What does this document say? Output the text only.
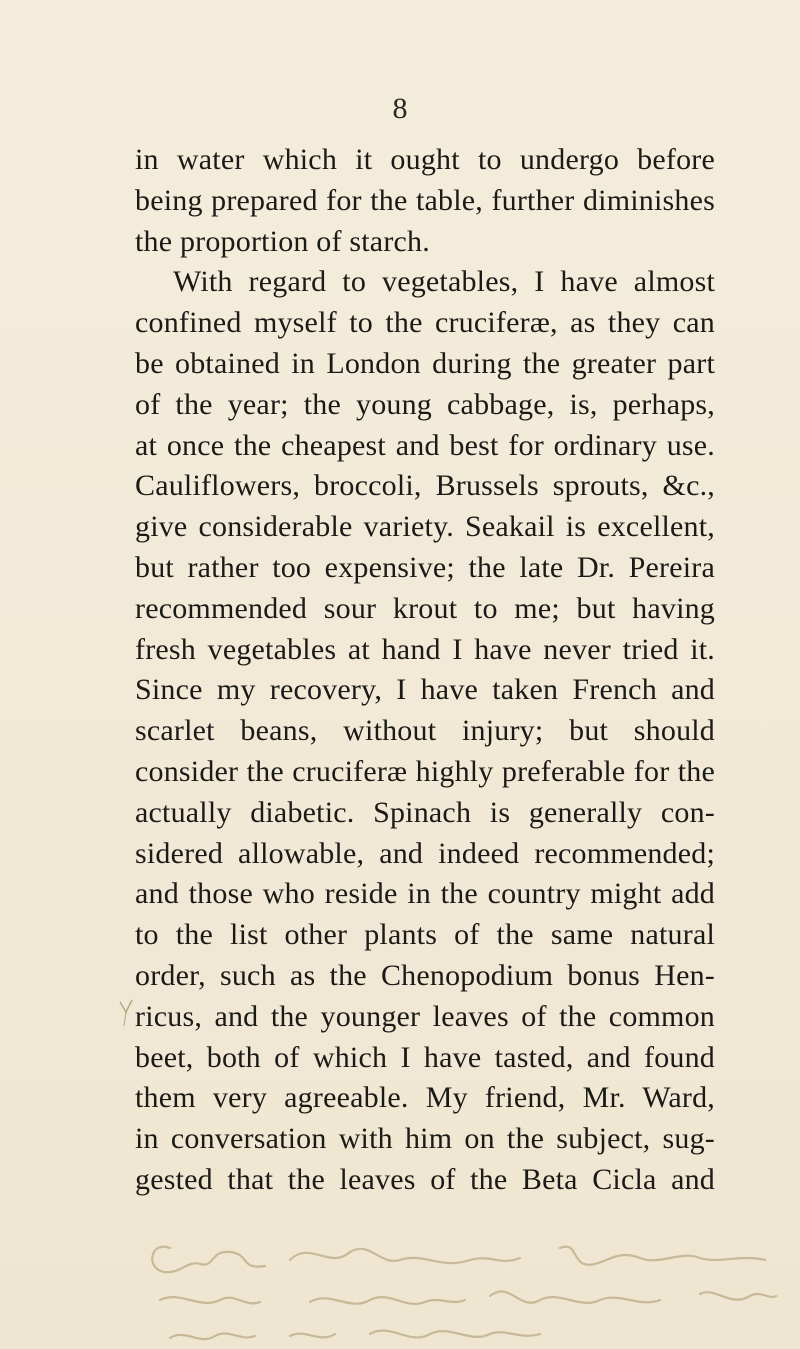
8
in water which it ought to undergo before
being prepared for the table, further diminishes
the proportion of starch.
With regard to vegetables, I have almost
confined myself to the cruciferæ, as they can
be obtained in London during the greater part
of the year; the young cabbage, is, perhaps,
at once the cheapest and best for ordinary use.
Cauliflowers, broccoli, Brussels sprouts, &c.,
give considerable variety. Seakail is excellent,
but rather too expensive; the late Dr. Pereira
recommended sour krout to me; but having
fresh vegetables at hand I have never tried it.
Since my recovery, I have taken French and
scarlet beans, without injury; but should
consider the cruciferæ highly preferable for the
actually diabetic. Spinach is generally con-
sidered allowable, and indeed recommended;
and those who reside in the country might add
to the list other plants of the same natural
order, such as the Chenopodium bonus Hen-
ricus, and the younger leaves of the common
beet, both of which I have tasted, and found
them very agreeable. My friend, Mr. Ward,
in conversation with him on the subject, sug-
gested that the leaves of the Beta Cicla and
